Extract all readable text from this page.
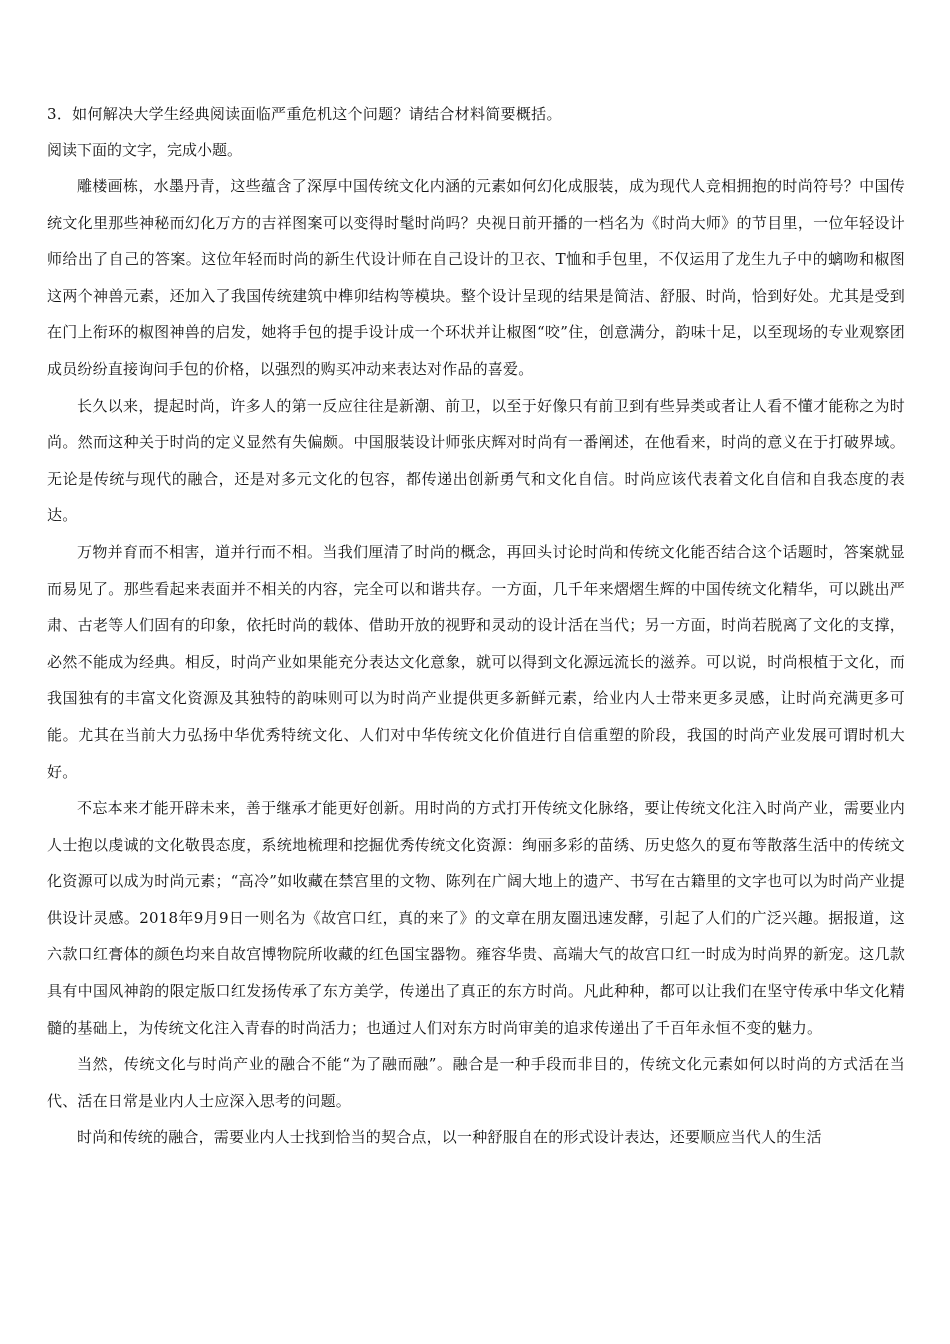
3．如何解决大学生经典阅读面临严重危机这个问题？请结合材料简要概括。

阅读下面的文字，完成小题。

雕楼画栋，水墨丹青，这些蕴含了深厚中国传统文化内涵的元素如何幻化成服装，成为现代人竞相拥抱的时尚符号？中国传统文化里那些神秘而幻化万方的吉祥图案可以变得时髦时尚吗？央视日前开播的一档名为《时尚大师》的节目里，一位年轻设计师给出了自己的答案。这位年轻而时尚的新生代设计师在自己设计的卫衣、T恤和手包里，不仅运用了龙生九子中的螭吻和椒图这两个神兽元素，还加入了我国传统建筑中榫卯结构等模块。整个设计呈现的结果是简洁、舒服、时尚，恰到好处。尤其是受到在门上衔环的椒图神兽的启发，她将手包的提手设计成一个环状并让椒图“咬”住，创意满分，韵味十足，以至现场的专业观察团成员纷纷直接询问手包的价格，以强烈的购买冲动来表达对作品的喜爱。

长久以来，提起时尚，许多人的第一反应往往是新潮、前卫，以至于好像只有前卫到有些异类或者让人看不懂才能称之为时尚。然而这种关于时尚的定义显然有失偏颇。中国服装设计师张庆辉对时尚有一番阐述，在他看来，时尚的意义在于打破界域。无论是传统与现代的融合，还是对多元文化的包容，都传递出创新勇气和文化自信。时尚应该代表着文化自信和自我态度的表达。

万物并育而不相害，道并行而不相。当我们厘清了时尚的概念，再回头讨论时尚和传统文化能否结合这个话题时，答案就显而易见了。那些看起来表面并不相关的内容，完全可以和谐共存。一方面，几千年来熠熠生辉的中国传统文化精华，可以跳出严肃、古老等人们固有的印象，依托时尚的载体、借助开放的视野和灵动的设计活在当代；另一方面，时尚若脱离了文化的支撑，必然不能成为经典。相反，时尚产业如果能充分表达文化意象，就可以得到文化源远流长的滋养。可以说，时尚根植于文化，而我国独有的丰富文化资源及其独特的韵味则可以为时尚产业提供更多新鲜元素，给业内人士带来更多灵感，让时尚充满更多可能。尤其在当前大力弘扬中华优秀特统文化、人们对中华传统文化价值进行自信重塑的阶段，我国的时尚产业发展可谓时机大好。

不忘本来才能开辟未来，善于继承才能更好创新。用时尚的方式打开传统文化脉络，要让传统文化注入时尚产业，需要业内人士抱以虔诚的文化敬畏态度，系统地梳理和挖掘优秀传统文化资源：绚丽多彩的苗绣、历史悠久的夏布等散落生活中的传统文化资源可以成为时尚元素；“高冷”如收藏在禁宫里的文物、陈列在广阔大地上的遗产、书写在古籍里的文字也可以为时尚产业提供设计灵感。2018年9月9日一则名为《故宫口红，真的来了》的文章在朋友圈迅速发酵，引起了人们的广泛兴趣。据报道，这六款口红膏体的颜色均来自故宫博物院所收藏的红色国宝器物。雍容华贵、高端大气的故宫口红一时成为时尚界的新宠。这几款具有中国风神韵的限定版口红发扬传承了东方美学，传递出了真正的东方时尚。凡此种种，都可以让我们在坚守传承中华文化精髓的基础上，为传统文化注入青春的时尚活力；也通过人们对东方时尚审美的追求传递出了千百年永恒不变的魅力。

当然，传统文化与时尚产业的融合不能“为了融而融”。融合是一种手段而非目的，传统文化元素如何以时尚的方式活在当代、活在日常是业内人士应深入思考的问题。

时尚和传统的融合，需要业内人士找到恰当的契合点，以一种舒服自在的形式设计表达，还要顺应当代人的生活
